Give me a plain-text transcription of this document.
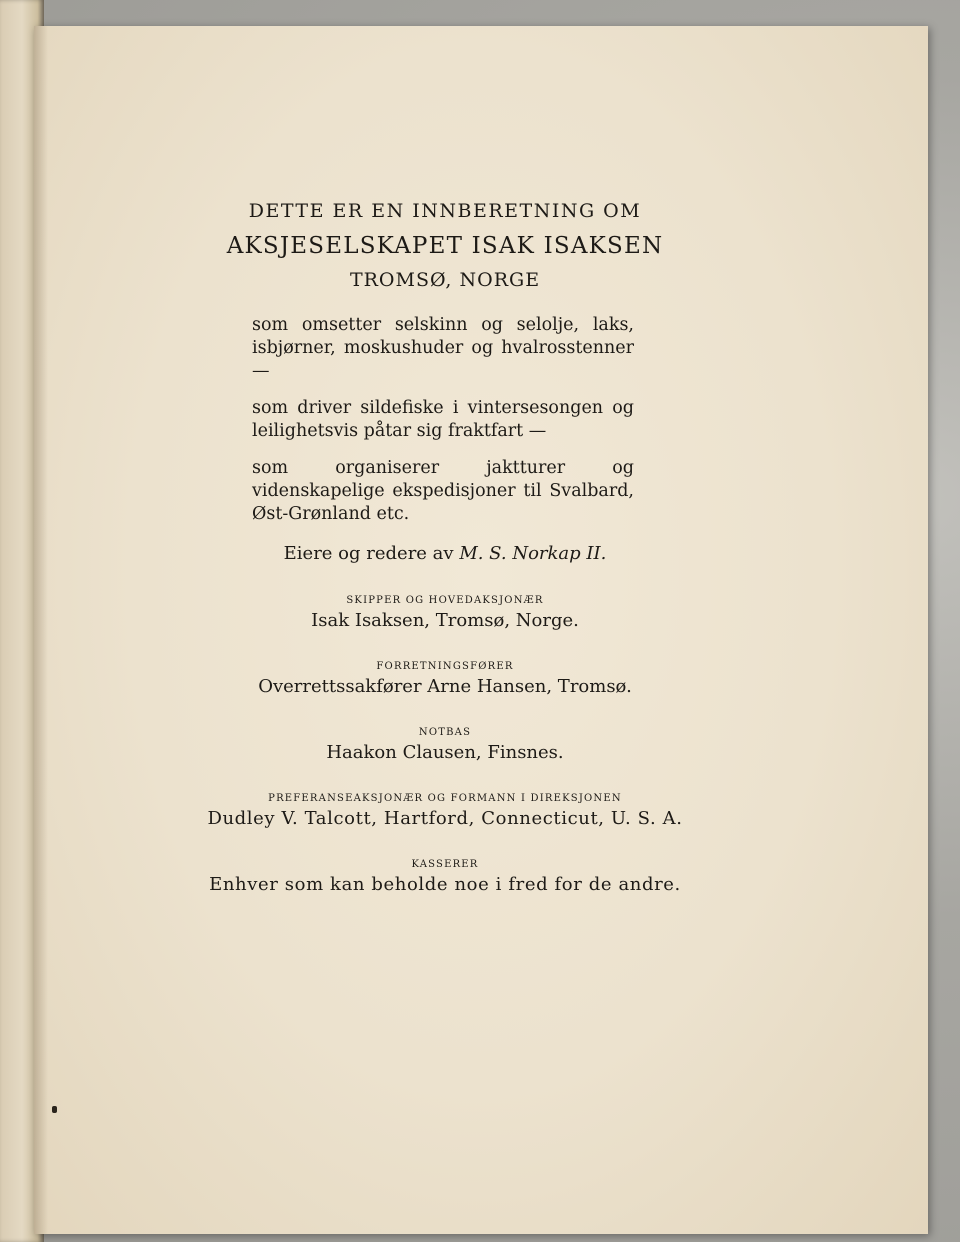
DETTE ER EN INNBERETNING OM
AKSJESELSKAPET ISAK ISAKSEN
TROMSØ, NORGE
som omsetter selskinn og selolje, laks, isbjørner, moskushuder og hvalrosstenner —
som driver sildefiske i vintersesongen og leilighetsvis påtar sig fraktfart —
som organiserer jaktturer og videnskapelige ekspedisjoner til Svalbard, Øst-Grønland etc.
Eiere og redere av M. S. Norkap II.
SKIPPER OG HOVEDAKSJONÆR
Isak Isaksen, Tromsø, Norge.
FORRETNINGSFØRER
Overrettssakfører Arne Hansen, Tromsø.
NOTBAS
Haakon Clausen, Finsnes.
PREFERANSEAKSJONÆR OG FORMANN I DIREKSJONEN
Dudley V. Talcott, Hartford, Connecticut, U. S. A.
KASSERER
Enhver som kan beholde noe i fred for de andre.
